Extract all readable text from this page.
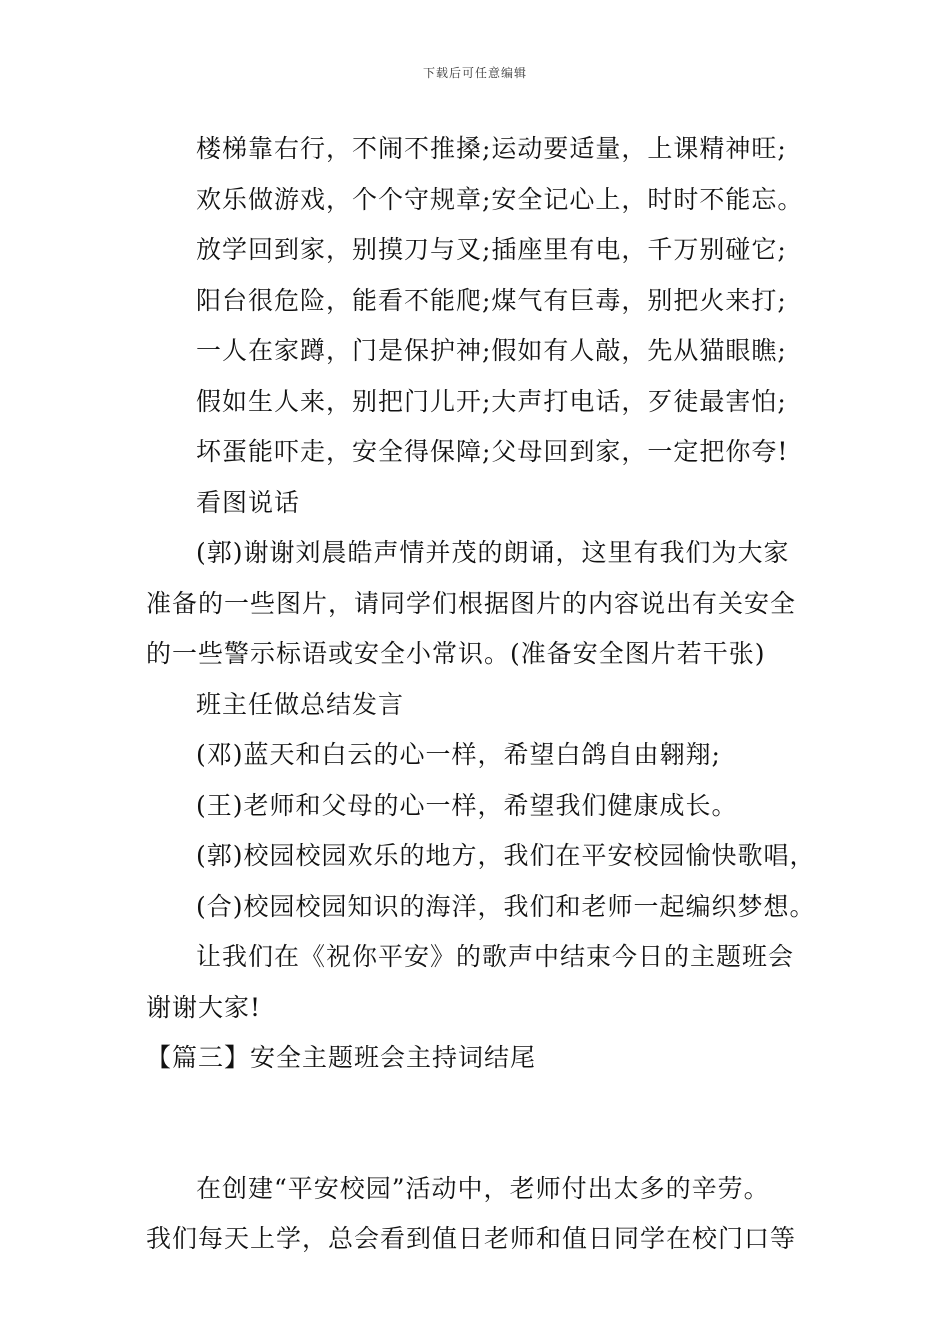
下载后可任意编辑
楼梯靠右行，不闹不推搡;运动要适量，上课精神旺;
欢乐做游戏，个个守规章;安全记心上，时时不能忘。
放学回到家，别摸刀与叉;插座里有电，千万别碰它;
阳台很危险，能看不能爬;煤气有巨毒，别把火来打;
一人在家蹲，门是保护神;假如有人敲，先从猫眼瞧;
假如生人来，别把门儿开;大声打电话，歹徒最害怕;
坏蛋能吓走，安全得保障;父母回到家，一定把你夸!
看图说话
(郭)谢谢刘晨皓声情并茂的朗诵，这里有我们为大家
准备的一些图片，请同学们根据图片的内容说出有关安全
的一些警示标语或安全小常识。(准备安全图片若干张)
班主任做总结发言
(邓)蓝天和白云的心一样，希望白鸽自由翱翔;
(王)老师和父母的心一样，希望我们健康成长。
(郭)校园校园欢乐的地方，我们在平安校园愉快歌唱，
(合)校园校园知识的海洋，我们和老师一起编织梦想。
让我们在《祝你平安》的歌声中结束今日的主题班会
谢谢大家!
【篇三】安全主题班会主持词结尾
在创建“平安校园”活动中，老师付出太多的辛劳。
我们每天上学，总会看到值日老师和值日同学在校门口等
